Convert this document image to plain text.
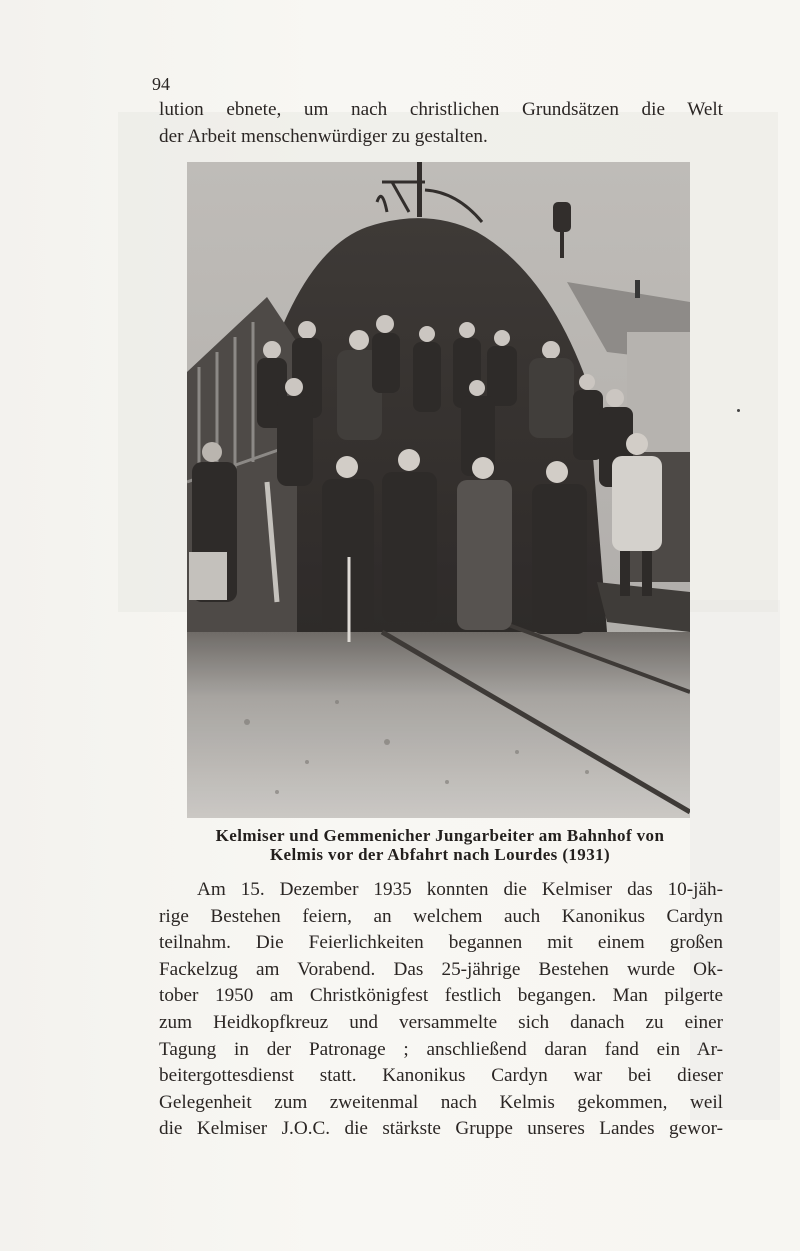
94
lution ebnete, um nach christlichen Grundsätzen die Welt
der Arbeit menschenwürdiger zu gestalten.
Kelmiser und Gemmenicher Jungarbeiter am Bahnhof von
Kelmis vor der Abfahrt nach Lourdes (1931)
Am 15. Dezember 1935 konnten die Kelmiser das 10-jäh-
rige Bestehen feiern, an welchem auch Kanonikus Cardyn
teilnahm. Die Feierlichkeiten begannen mit einem großen
Fackelzug am Vorabend. Das 25-jährige Bestehen wurde Ok-
tober 1950 am Christkönigfest festlich begangen. Man pilgerte
zum Heidkopfkreuz und versammelte sich danach zu einer
Tagung in der Patronage ; anschließend daran fand ein Ar-
beitergottesdienst statt. Kanonikus Cardyn war bei dieser
Gelegenheit zum zweitenmal nach Kelmis gekommen, weil
die Kelmiser J.O.C. die stärkste Gruppe unseres Landes gewor-
